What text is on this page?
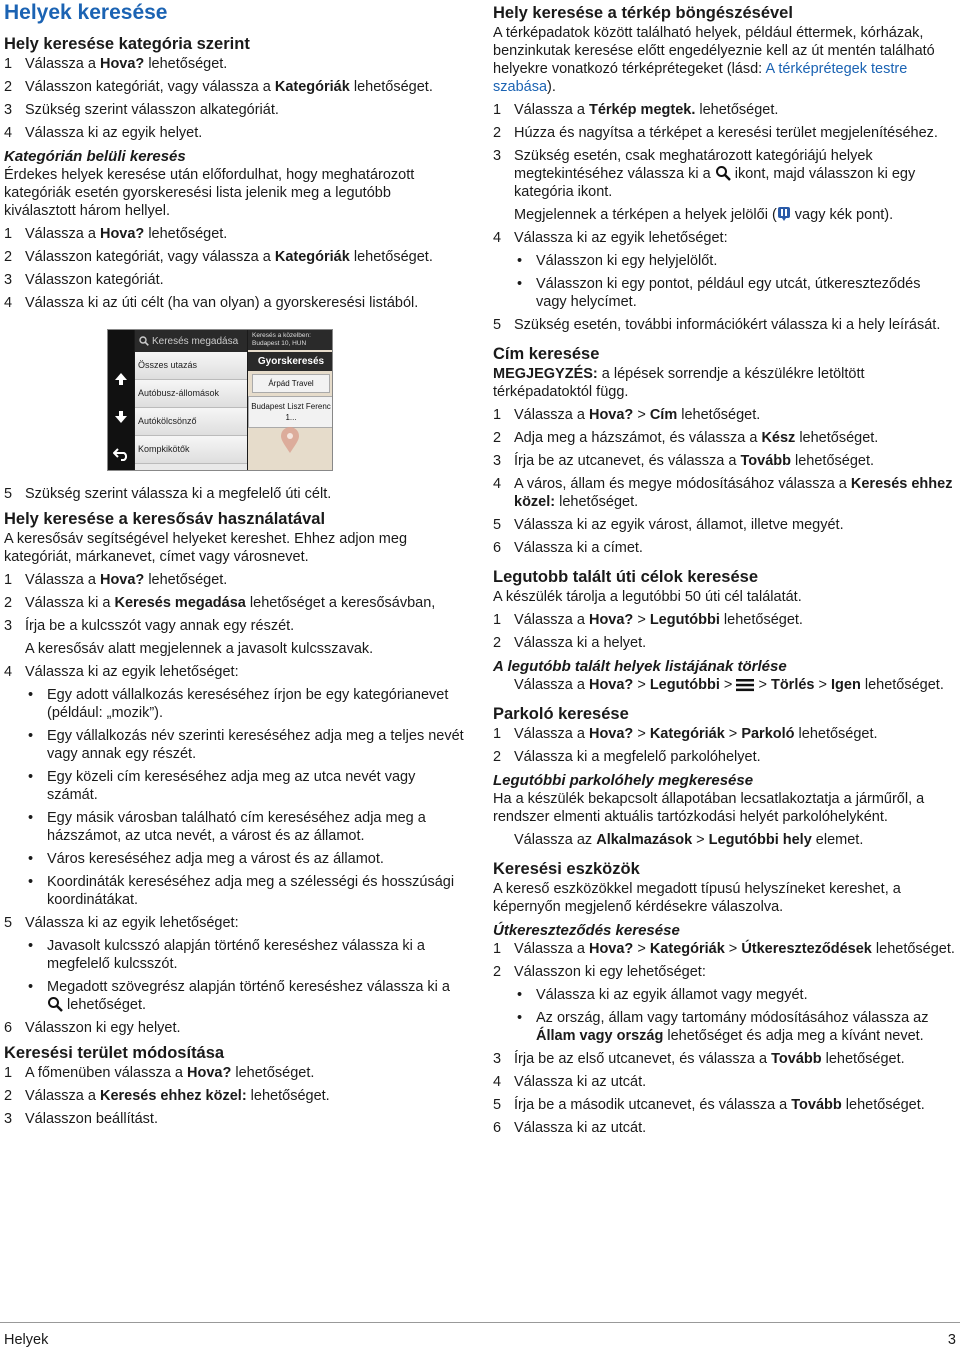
Helyek keresése
Hely keresése kategória szerint
1 Válassza a Hova? lehetőséget.
2 Válasszon kategóriát, vagy válassza a Kategóriák lehetőséget.
3 Szükség szerint válasszon alkategóriát.
4 Válassza ki az egyik helyet.
Kategórián belüli keresés

Érdekes helyek keresése után előfordulhat, hogy meghatározott kategóriák esetén gyorskeresési lista jelenik meg a legutóbb kiválasztott három hellyel.

1 Válassza a Hova? lehetőséget.
2 Válasszon kategóriát, vagy válassza a Kategóriák lehetőséget.
3 Válasszon kategóriát.
4 Válassza ki az úti célt (ha van olyan) a gyorskeresési listából.
Keresés megadása
Összes utazás
Autóbusz-állomások
Autókölcsönző
Kompkikötők
Keresés a közelben:
Budapest 10, HUN
Gyorskeresés
Árpád Travel
Budapest Liszt Ferenc 1...
5 Szükség szerint válassza ki a megfelelő úti célt.
Hely keresése a keresősáv használatával

A keresősáv segítségével helyeket kereshet. Ehhez adjon meg kategóriát, márkanevet, címet vagy városnevet.

1 Válassza a Hova? lehetőséget.
2 Válassza ki a Keresés megadása lehetőséget a keresősávban,
3 Írja be a kulcsszót vagy annak egy részét.
A keresősáv alatt megjelennek a javasolt kulcsszavak.
4 Válassza ki az egyik lehetőséget:
• Egy adott vállalkozás kereséséhez írjon be egy kategórianevet (például: „mozik”).
• Egy vállalkozás név szerinti kereséséhez adja meg a teljes nevét vagy annak egy részét.
• Egy közeli cím kereséséhez adja meg az utca nevét vagy számát.
• Egy másik városban található cím kereséséhez adja meg a házszámot, az utca nevét, a várost és az államot.
• Város kereséséhez adja meg a várost és az államot.
• Koordináták kereséséhez adja meg a szélességi és hosszúsági koordinátákat.
5 Válassza ki az egyik lehetőséget:
• Javasolt kulcsszó alapján történő kereséshez válassza ki a megfelelő kulcsszót.
• Megadott szövegrész alapján történő kereséshez válassza ki a  lehetőséget.
6 Válasszon ki egy helyet.
Keresési terület módosítása
1 A főmenüben válassza a Hova? lehetőséget.
2 Válassza a Keresés ehhez közel: lehetőséget.
3 Válasszon beállítást.
Hely keresése a térkép böngészésével

A térképadatok között található helyek, például éttermek, kórházak, benzinkutak keresése előtt engedélyeznie kell az út mentén található helyekre vonatkozó térképrétegeket (lásd: A térképrétegek testre szabása).

1 Válassza a Térkép megtek. lehetőséget.
2 Húzza és nagyítsa a térképet a keresési terület megjelenítéséhez.
3 Szükség esetén, csak meghatározott kategóriájú helyek megtekintéséhez válassza ki a  ikont, majd válasszon ki egy kategória ikont.
Megjelennek a térképen a helyek jelölői ( vagy kék pont).
4 Válassza ki az egyik lehetőséget:
• Válasszon ki egy helyjelölőt.
• Válasszon ki egy pontot, például egy utcát, útkereszteződés vagy helycímet.
5 Szükség esetén, további információkért válassza ki a hely leírását.
Cím keresése

MEGJEGYZÉS: a lépések sorrendje a készülékre letöltött térképadatoktól függ.

1 Válassza a Hova? > Cím lehetőséget.
2 Adja meg a házszámot, és válassza a Kész lehetőséget.
3 Írja be az utcanevet, és válassza a Tovább lehetőséget.
4 A város, állam és megye módosításához válassza a Keresés ehhez közel: lehetőséget.
5 Válassza ki az egyik várost, államot, illetve megyét.
6 Válassza ki a címet.
Legutobb talált úti célok keresése

A készülék tárolja a legutóbbi 50 úti cél találatát.

1 Válassza a Hova? > Legutóbbi lehetőséget.
2 Válassza ki a helyet.
A legutóbb talált helyek listájának törlése
Válassza a Hova? > Legutóbbi >  > Törlés > Igen lehetőséget.
Parkoló keresése
1 Válassza a Hova? > Kategóriák > Parkoló lehetőséget.
2 Válassza ki a megfelelő parkolóhelyet.
Legutóbbi parkolóhely megkeresése

Ha a készülék bekapcsolt állapotában lecsatlakoztatja a járműről, a rendszer elmenti aktuális tartózkodási helyét parkolóhelyként.

Válassza az Alkalmazások > Legutóbbi hely elemet.
Keresési eszközök

A kereső eszközökkel megadott típusú helyszíneket kereshet, a képernyőn megjelenő kérdésekre válaszolva.

Útkereszteződés keresése
1 Válassza a Hova? > Kategóriák > Útkereszteződések lehetőséget.
2 Válasszon ki egy lehetőséget:
• Válassza ki az egyik államot vagy megyét.
• Az ország, állam vagy tartomány módosításához válassza az Állam vagy ország lehetőséget és adja meg a kívánt nevet.
3 Írja be az első utcanevet, és válassza a Tovább lehetőséget.
4 Válassza ki az utcát.
5 Írja be a második utcanevet, és válassza a Tovább lehetőséget.
6 Válassza ki az utcát.
Helyek	3
